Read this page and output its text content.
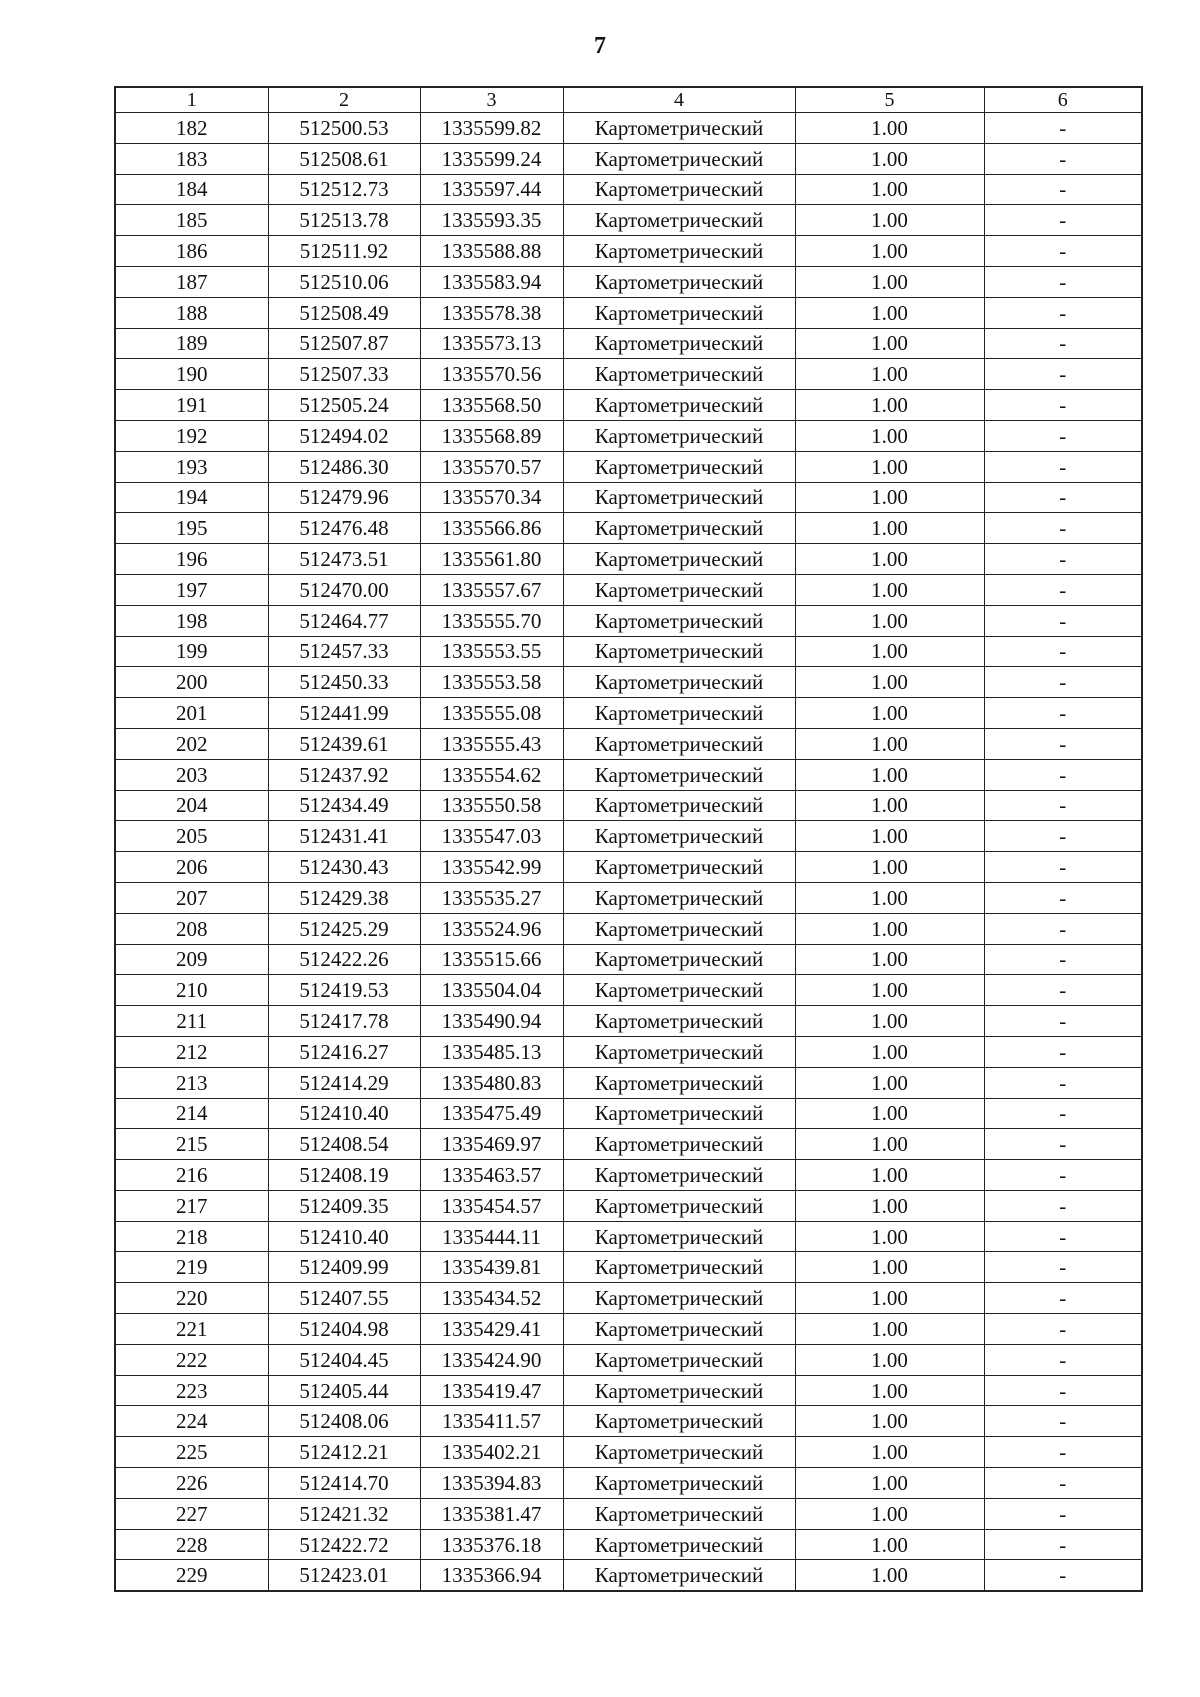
7
1	2	3	4	5	6
182	512500.53	1335599.82	Картометрический	1.00	-
183	512508.61	1335599.24	Картометрический	1.00	-
184	512512.73	1335597.44	Картометрический	1.00	-
185	512513.78	1335593.35	Картометрический	1.00	-
186	512511.92	1335588.88	Картометрический	1.00	-
187	512510.06	1335583.94	Картометрический	1.00	-
188	512508.49	1335578.38	Картометрический	1.00	-
189	512507.87	1335573.13	Картометрический	1.00	-
190	512507.33	1335570.56	Картометрический	1.00	-
191	512505.24	1335568.50	Картометрический	1.00	-
192	512494.02	1335568.89	Картометрический	1.00	-
193	512486.30	1335570.57	Картометрический	1.00	-
194	512479.96	1335570.34	Картометрический	1.00	-
195	512476.48	1335566.86	Картометрический	1.00	-
196	512473.51	1335561.80	Картометрический	1.00	-
197	512470.00	1335557.67	Картометрический	1.00	-
198	512464.77	1335555.70	Картометрический	1.00	-
199	512457.33	1335553.55	Картометрический	1.00	-
200	512450.33	1335553.58	Картометрический	1.00	-
201	512441.99	1335555.08	Картометрический	1.00	-
202	512439.61	1335555.43	Картометрический	1.00	-
203	512437.92	1335554.62	Картометрический	1.00	-
204	512434.49	1335550.58	Картометрический	1.00	-
205	512431.41	1335547.03	Картометрический	1.00	-
206	512430.43	1335542.99	Картометрический	1.00	-
207	512429.38	1335535.27	Картометрический	1.00	-
208	512425.29	1335524.96	Картометрический	1.00	-
209	512422.26	1335515.66	Картометрический	1.00	-
210	512419.53	1335504.04	Картометрический	1.00	-
211	512417.78	1335490.94	Картометрический	1.00	-
212	512416.27	1335485.13	Картометрический	1.00	-
213	512414.29	1335480.83	Картометрический	1.00	-
214	512410.40	1335475.49	Картометрический	1.00	-
215	512408.54	1335469.97	Картометрический	1.00	-
216	512408.19	1335463.57	Картометрический	1.00	-
217	512409.35	1335454.57	Картометрический	1.00	-
218	512410.40	1335444.11	Картометрический	1.00	-
219	512409.99	1335439.81	Картометрический	1.00	-
220	512407.55	1335434.52	Картометрический	1.00	-
221	512404.98	1335429.41	Картометрический	1.00	-
222	512404.45	1335424.90	Картометрический	1.00	-
223	512405.44	1335419.47	Картометрический	1.00	-
224	512408.06	1335411.57	Картометрический	1.00	-
225	512412.21	1335402.21	Картометрический	1.00	-
226	512414.70	1335394.83	Картометрический	1.00	-
227	512421.32	1335381.47	Картометрический	1.00	-
228	512422.72	1335376.18	Картометрический	1.00	-
229	512423.01	1335366.94	Картометрический	1.00	-
